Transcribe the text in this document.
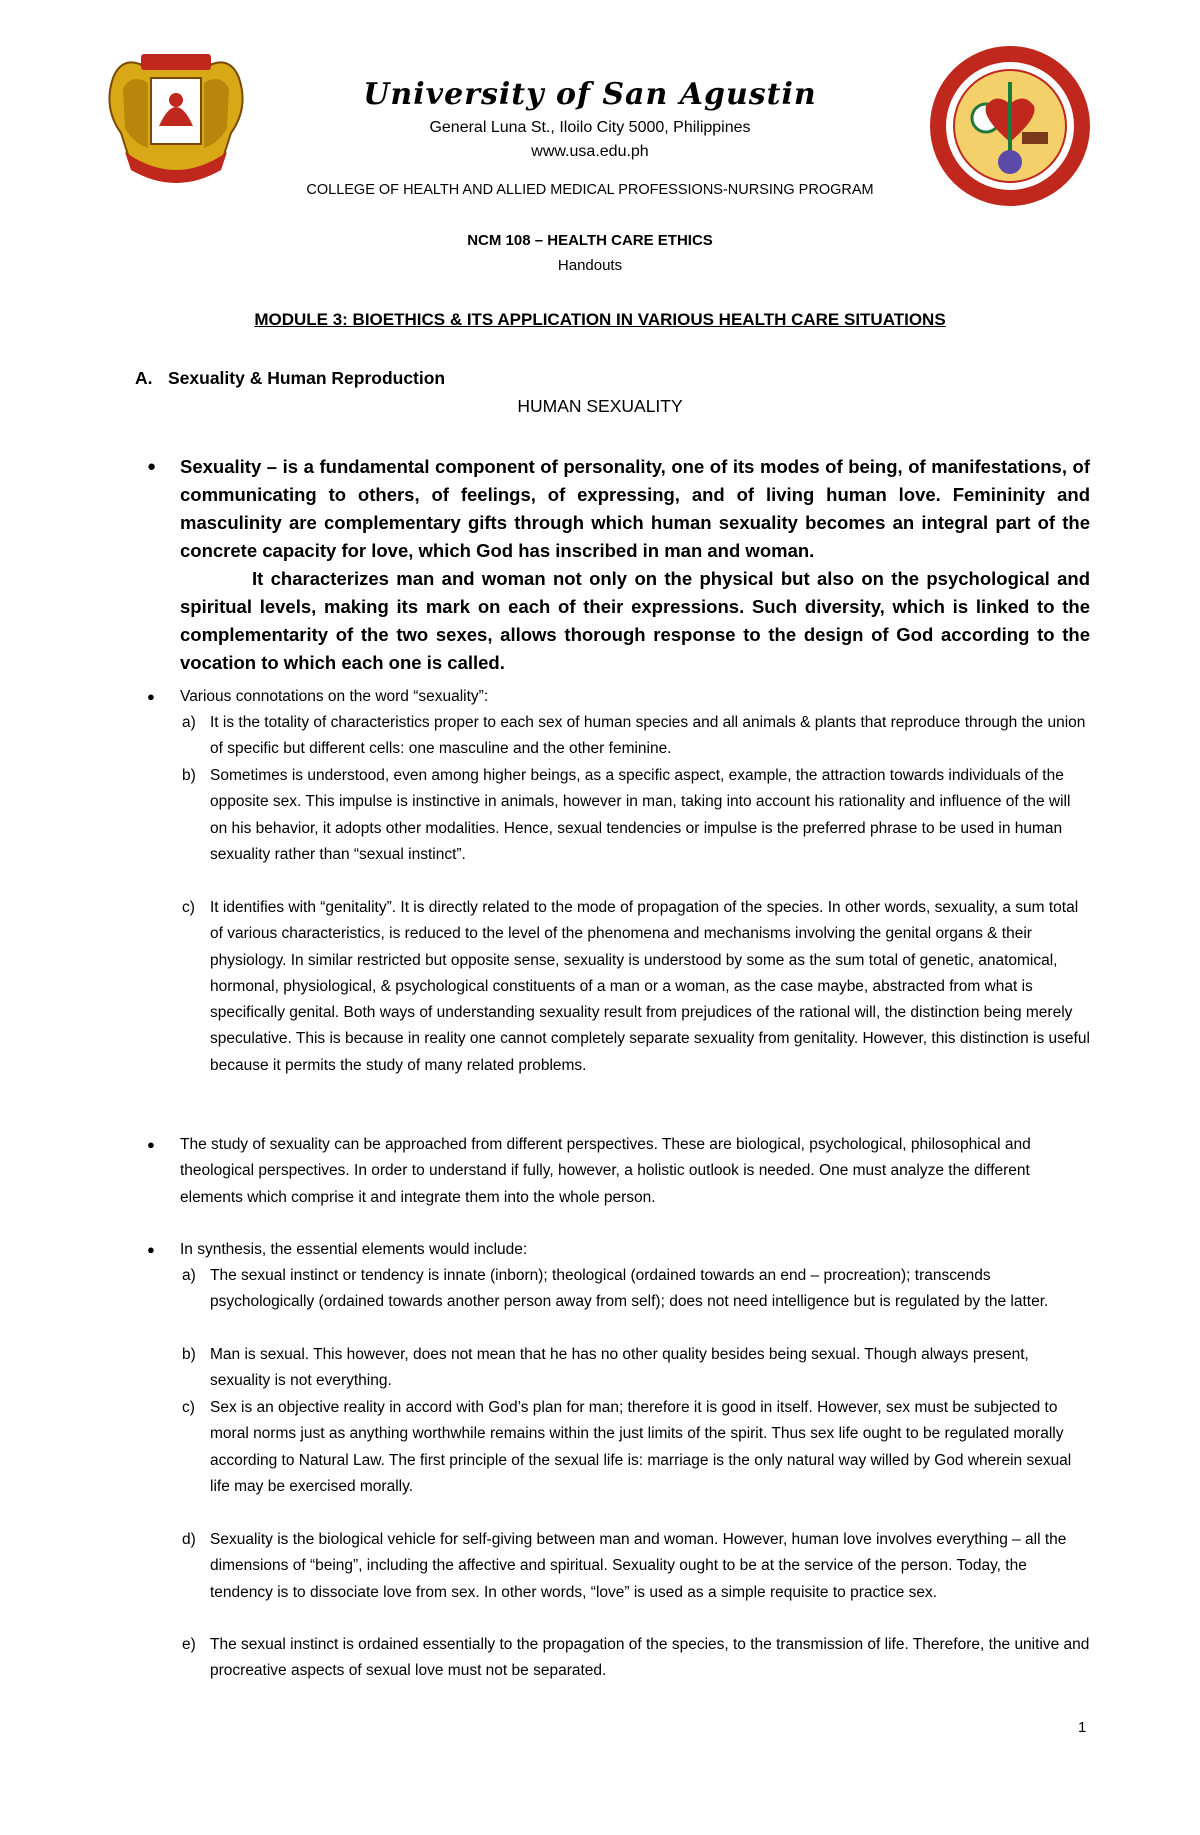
University of San Agustin
General Luna St., Iloilo City 5000, Philippines
www.usa.edu.ph
COLLEGE OF HEALTH AND ALLIED MEDICAL PROFESSIONS-NURSING PROGRAM
NCM 108 – HEALTH CARE ETHICS
Handouts
MODULE 3: BIOETHICS & ITS APPLICATION IN VARIOUS HEALTH CARE SITUATIONS
A. Sexuality & Human Reproduction
HUMAN SEXUALITY
● Sexuality – is a fundamental component of personality, one of its modes of being, of manifestations, of communicating to others, of feelings, of expressing, and of living human love. Femininity and masculinity are complementary gifts through which human sexuality becomes an integral part of the concrete capacity for love, which God has inscribed in man and woman.
It characterizes man and woman not only on the physical but also on the psychological and spiritual levels, making its mark on each of their expressions. Such diversity, which is linked to the complementarity of the two sexes, allows thorough response to the design of God according to the vocation to which each one is called.
● Various connotations on the word “sexuality”:
a) It is the totality of characteristics proper to each sex of human species and all animals & plants that reproduce through the union of specific but different cells: one masculine and the other feminine.
b) Sometimes is understood, even among higher beings, as a specific aspect, example, the attraction towards individuals of the opposite sex. This impulse is instinctive in animals, however in man, taking into account his rationality and influence of the will on his behavior, it adopts other modalities. Hence, sexual tendencies or impulse is the preferred phrase to be used in human sexuality rather than “sexual instinct”.
c) It identifies with “genitality”. It is directly related to the mode of propagation of the species. In other words, sexuality, a sum total of various characteristics, is reduced to the level of the phenomena and mechanisms involving the genital organs & their physiology. In similar restricted but opposite sense, sexuality is understood by some as the sum total of genetic, anatomical, hormonal, physiological, & psychological constituents of a man or a woman, as the case maybe, abstracted from what is specifically genital. Both ways of understanding sexuality result from prejudices of the rational will, the distinction being merely speculative. This is because in reality one cannot completely separate sexuality from genitality. However, this distinction is useful because it permits the study of many related problems.
● The study of sexuality can be approached from different perspectives. These are biological, psychological, philosophical and theological perspectives. In order to understand if fully, however, a holistic outlook is needed. One must analyze the different elements which comprise it and integrate them into the whole person.
● In synthesis, the essential elements would include:
a) The sexual instinct or tendency is innate (inborn); theological (ordained towards an end – procreation); transcends psychologically (ordained towards another person away from self); does not need intelligence but is regulated by the latter.
b) Man is sexual. This however, does not mean that he has no other quality besides being sexual. Though always present, sexuality is not everything.
c) Sex is an objective reality in accord with God’s plan for man; therefore it is good in itself. However, sex must be subjected to moral norms just as anything worthwhile remains within the just limits of the spirit. Thus sex life ought to be regulated morally according to Natural Law. The first principle of the sexual life is: marriage is the only natural way willed by God wherein sexual life may be exercised morally.
d) Sexuality is the biological vehicle for self-giving between man and woman. However, human love involves everything – all the dimensions of “being”, including the affective and spiritual. Sexuality ought to be at the service of the person. Today, the tendency is to dissociate love from sex. In other words, “love” is used as a simple requisite to practice sex.
e) The sexual instinct is ordained essentially to the propagation of the species, to the transmission of life. Therefore, the unitive and procreative aspects of sexual love must not be separated.
1
